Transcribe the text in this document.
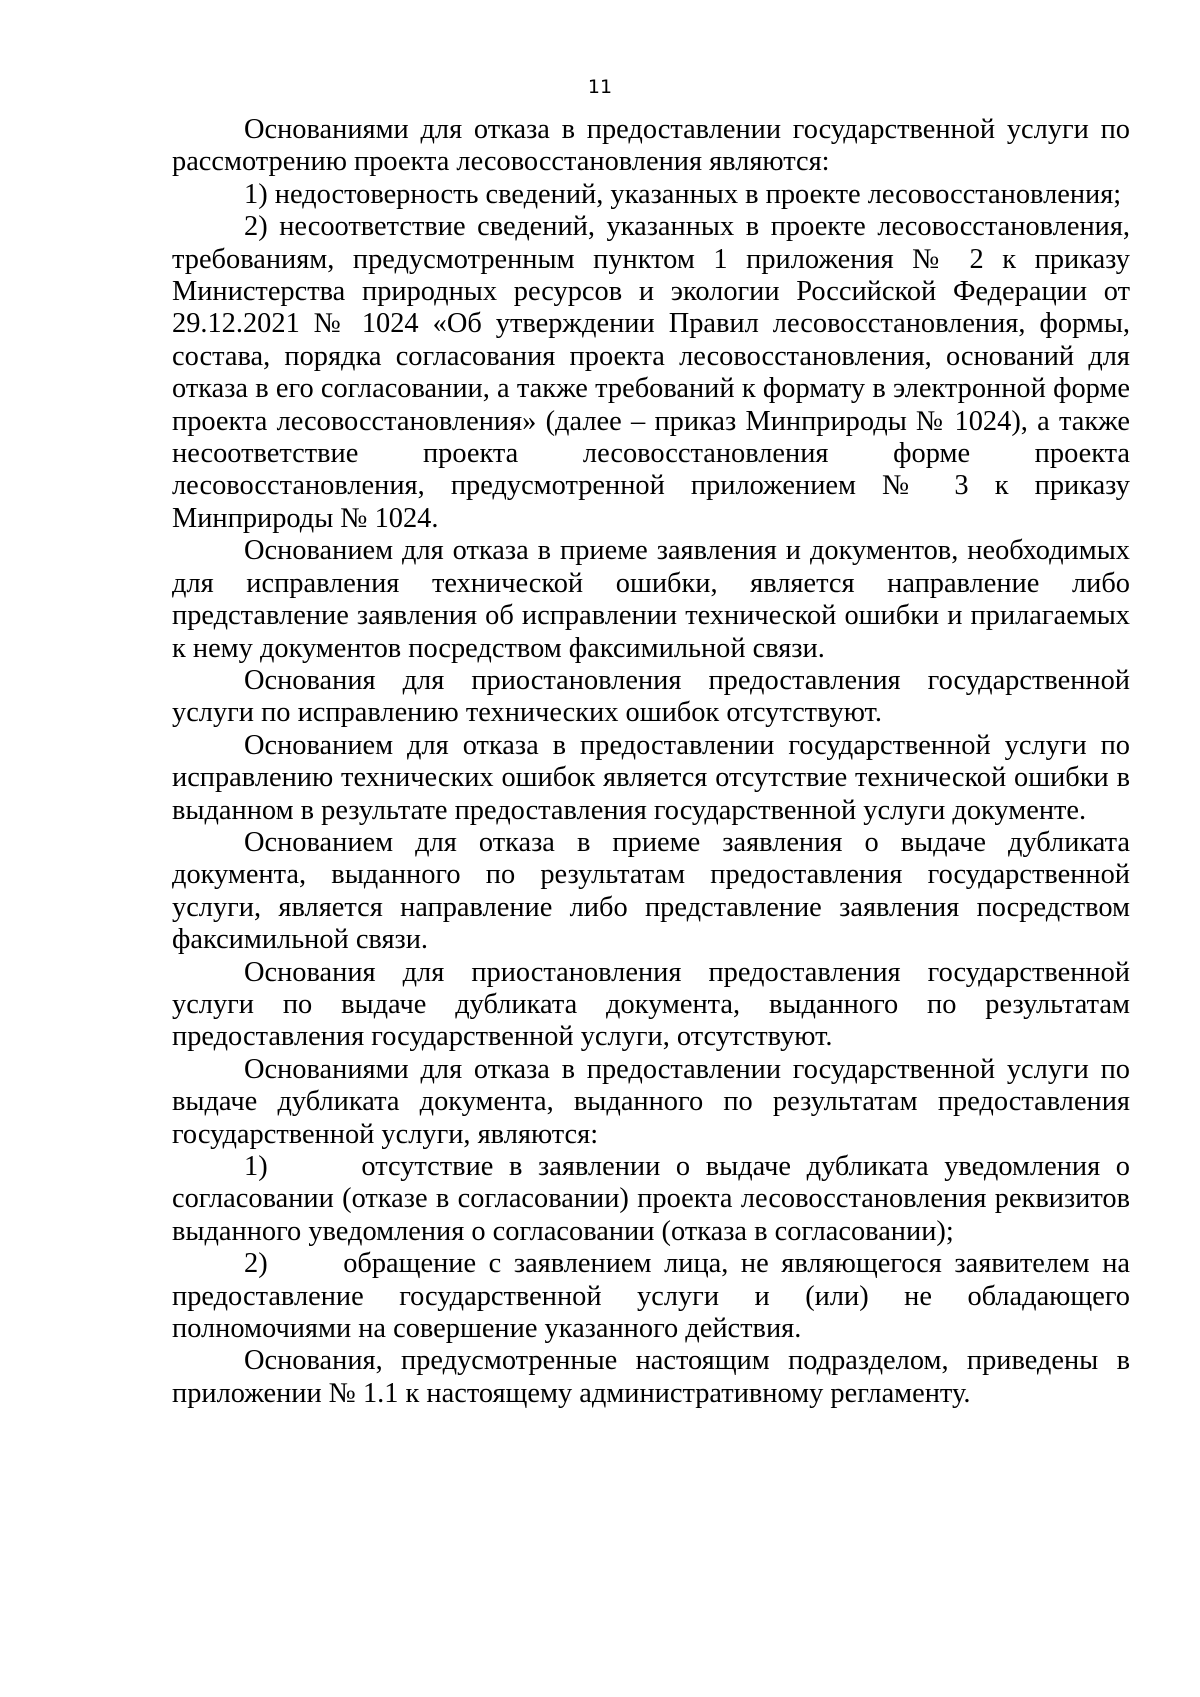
11

Основаниями для отказа в предоставлении государственной услуги по рассмотрению проекта лесовосстановления являются:

1) недостоверность сведений, указанных в проекте лесовосстановления;

2) несоответствие сведений, указанных в проекте лесовосстановления, требованиям, предусмотренным пунктом 1 приложения № 2 к приказу Министерства природных ресурсов и экологии Российской Федерации от 29.12.2021 № 1024 «Об утверждении Правил лесовосстановления, формы, состава, порядка согласования проекта лесовосстановления, оснований для отказа в его согласовании, а также требований к формату в электронной форме проекта лесовосстановления» (далее – приказ Минприроды № 1024), а также несоответствие проекта лесовосстановления форме проекта лесовосстановления, предусмотренной приложением № 3 к приказу Минприроды № 1024.

Основанием для отказа в приеме заявления и документов, необходимых для исправления технической ошибки, является направление либо представление заявления об исправлении технической ошибки и прилагаемых к нему документов посредством факсимильной связи.

Основания для приостановления предоставления государственной услуги по исправлению технических ошибок отсутствуют.

Основанием для отказа в предоставлении государственной услуги по исправлению технических ошибок является отсутствие технической ошибки в выданном в результате предоставления государственной услуги документе.

Основанием для отказа в приеме заявления о выдаче дубликата документа, выданного по результатам предоставления государственной услуги, является направление либо представление заявления посредством факсимильной связи.

Основания для приостановления предоставления государственной услуги по выдаче дубликата документа, выданного по результатам предоставления государственной услуги, отсутствуют.

Основаниями для отказа в предоставлении государственной услуги по выдаче дубликата документа, выданного по результатам предоставления государственной услуги, являются:

1)      отсутствие в заявлении о выдаче дубликата уведомления о согласовании (отказе в согласовании) проекта лесовосстановления реквизитов выданного уведомления о согласовании (отказа в согласовании);

2)      обращение с заявлением лица, не являющегося заявителем на предоставление государственной услуги и (или) не обладающего полномочиями на совершение указанного действия.

Основания, предусмотренные настоящим подразделом, приведены в приложении № 1.1 к настоящему административному регламенту.
